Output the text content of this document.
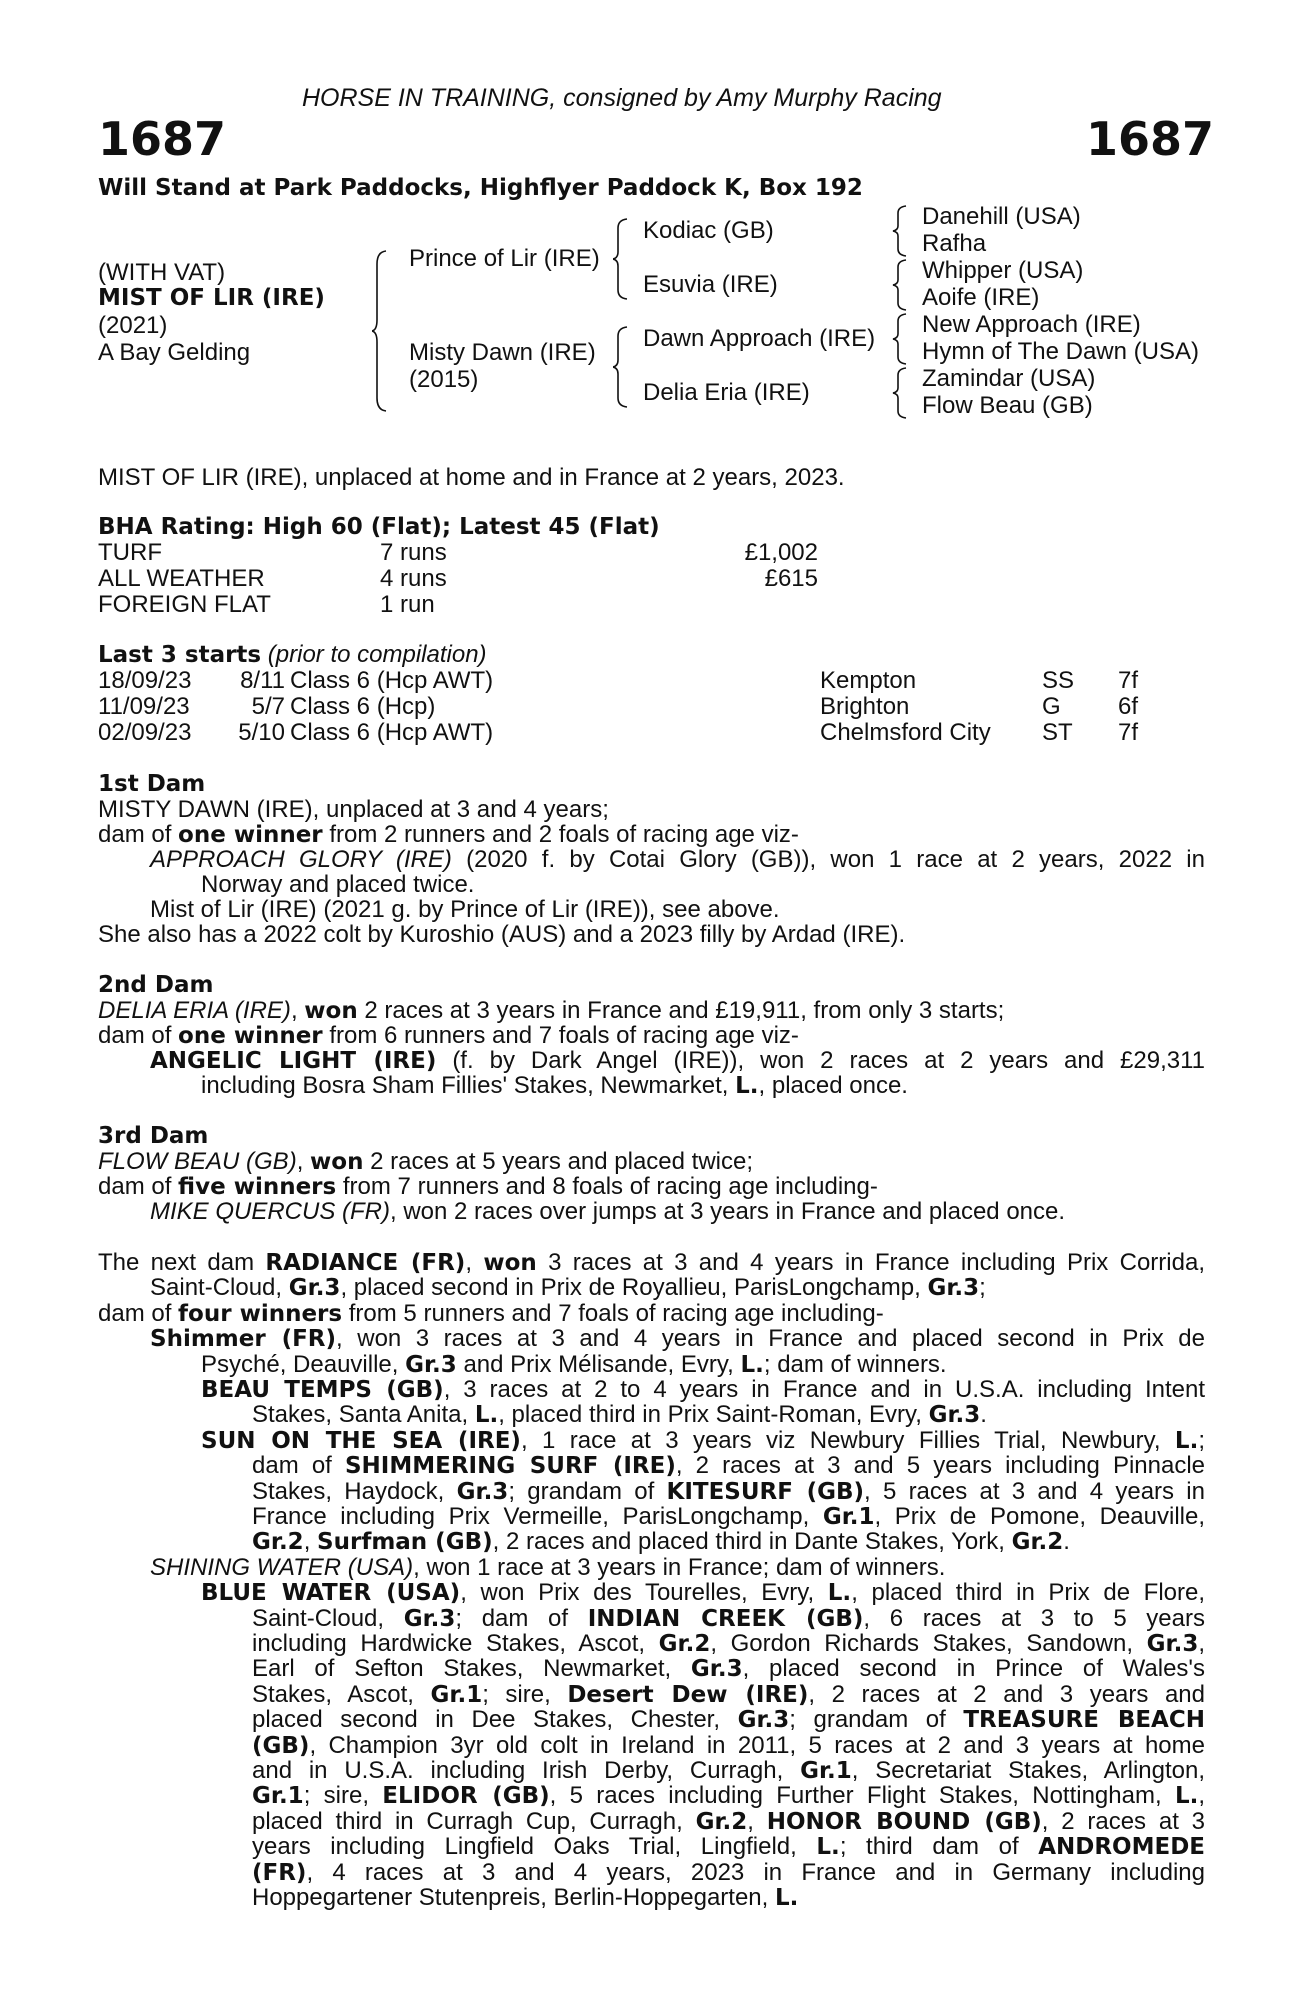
HORSE IN TRAINING, consigned by Amy Murphy Racing
1687	1687
Will Stand at Park Paddocks, Highflyer Paddock K, Box 192
(WITH VAT)
MIST OF LIR (IRE)
(2021)
A Bay Gelding
Prince of Lir (IRE)
Misty Dawn (IRE)
(2015)
Kodiac (GB)
Esuvia (IRE)
Dawn Approach (IRE)
Delia Eria (IRE)
Danehill (USA)
Rafha
Whipper (USA)
Aoife (IRE)
New Approach (IRE)
Hymn of The Dawn (USA)
Zamindar (USA)
Flow Beau (GB)
MIST OF LIR (IRE), unplaced at home and in France at 2 years, 2023.
BHA Rating: High 60 (Flat); Latest 45 (Flat)
TURF	7 runs	£1,002
ALL WEATHER	4 runs	£615
FOREIGN FLAT	1 run
Last 3 starts (prior to compilation)
18/09/23 8/11 Class 6 (Hcp AWT)	Kempton	SS 7f
11/09/23	5/7 Class 6 (Hcp)	Brighton	G 6f
02/09/23 5/10 Class 6 (Hcp AWT)	Chelmsford City ST 7f
1st Dam
MISTY DAWN (IRE), unplaced at 3 and 4 years;
dam of one winner from 2 runners and 2 foals of racing age viz-
APPROACH GLORY (IRE) (2020 f. by Cotai Glory (GB)), won 1 race at 2 years, 2022 in
Norway and placed twice.
Mist of Lir (IRE) (2021 g. by Prince of Lir (IRE)), see above.
She also has a 2022 colt by Kuroshio (AUS) and a 2023 filly by Ardad (IRE).
2nd Dam
DELIA ERIA (IRE), won 2 races at 3 years in France and £19,911, from only 3 starts;
dam of one winner from 6 runners and 7 foals of racing age viz-
ANGELIC LIGHT (IRE) (f. by Dark Angel (IRE)), won 2 races at 2 years and £29,311
including Bosra Sham Fillies' Stakes, Newmarket, L., placed once.
3rd Dam
FLOW BEAU (GB), won 2 races at 5 years and placed twice;
dam of five winners from 7 runners and 8 foals of racing age including-
MIKE QUERCUS (FR), won 2 races over jumps at 3 years in France and placed once.
The next dam RADIANCE (FR), won 3 races at 3 and 4 years in France including Prix Corrida,
Saint-Cloud, Gr.3, placed second in Prix de Royallieu, ParisLongchamp, Gr.3;
dam of four winners from 5 runners and 7 foals of racing age including-
Shimmer (FR), won 3 races at 3 and 4 years in France and placed second in Prix de
Psyché, Deauville, Gr.3 and Prix Mélisande, Evry, L.; dam of winners.
BEAU TEMPS (GB), 3 races at 2 to 4 years in France and in U.S.A. including Intent
Stakes, Santa Anita, L., placed third in Prix Saint-Roman, Evry, Gr.3.
SUN ON THE SEA (IRE), 1 race at 3 years viz Newbury Fillies Trial, Newbury, L.;
dam of SHIMMERING SURF (IRE), 2 races at 3 and 5 years including Pinnacle
Stakes, Haydock, Gr.3; grandam of KITESURF (GB), 5 races at 3 and 4 years in
France including Prix Vermeille, ParisLongchamp, Gr.1, Prix de Pomone, Deauville,
Gr.2, Surfman (GB), 2 races and placed third in Dante Stakes, York, Gr.2.
SHINING WATER (USA), won 1 race at 3 years in France; dam of winners.
BLUE WATER (USA), won Prix des Tourelles, Evry, L., placed third in Prix de Flore,
Saint-Cloud, Gr.3; dam of INDIAN CREEK (GB), 6 races at 3 to 5 years
including Hardwicke Stakes, Ascot, Gr.2, Gordon Richards Stakes, Sandown, Gr.3,
Earl of Sefton Stakes, Newmarket, Gr.3, placed second in Prince of Wales's
Stakes, Ascot, Gr.1; sire, Desert Dew (IRE), 2 races at 2 and 3 years and
placed second in Dee Stakes, Chester, Gr.3; grandam of TREASURE BEACH
(GB), Champion 3yr old colt in Ireland in 2011, 5 races at 2 and 3 years at home
and in U.S.A. including Irish Derby, Curragh, Gr.1, Secretariat Stakes, Arlington,
Gr.1; sire, ELIDOR (GB), 5 races including Further Flight Stakes, Nottingham, L.,
placed third in Curragh Cup, Curragh, Gr.2, HONOR BOUND (GB), 2 races at 3
years including Lingfield Oaks Trial, Lingfield, L.; third dam of ANDROMEDE
(FR), 4 races at 3 and 4 years, 2023 in France and in Germany including
Hoppegartener Stutenpreis, Berlin-Hoppegarten, L.
